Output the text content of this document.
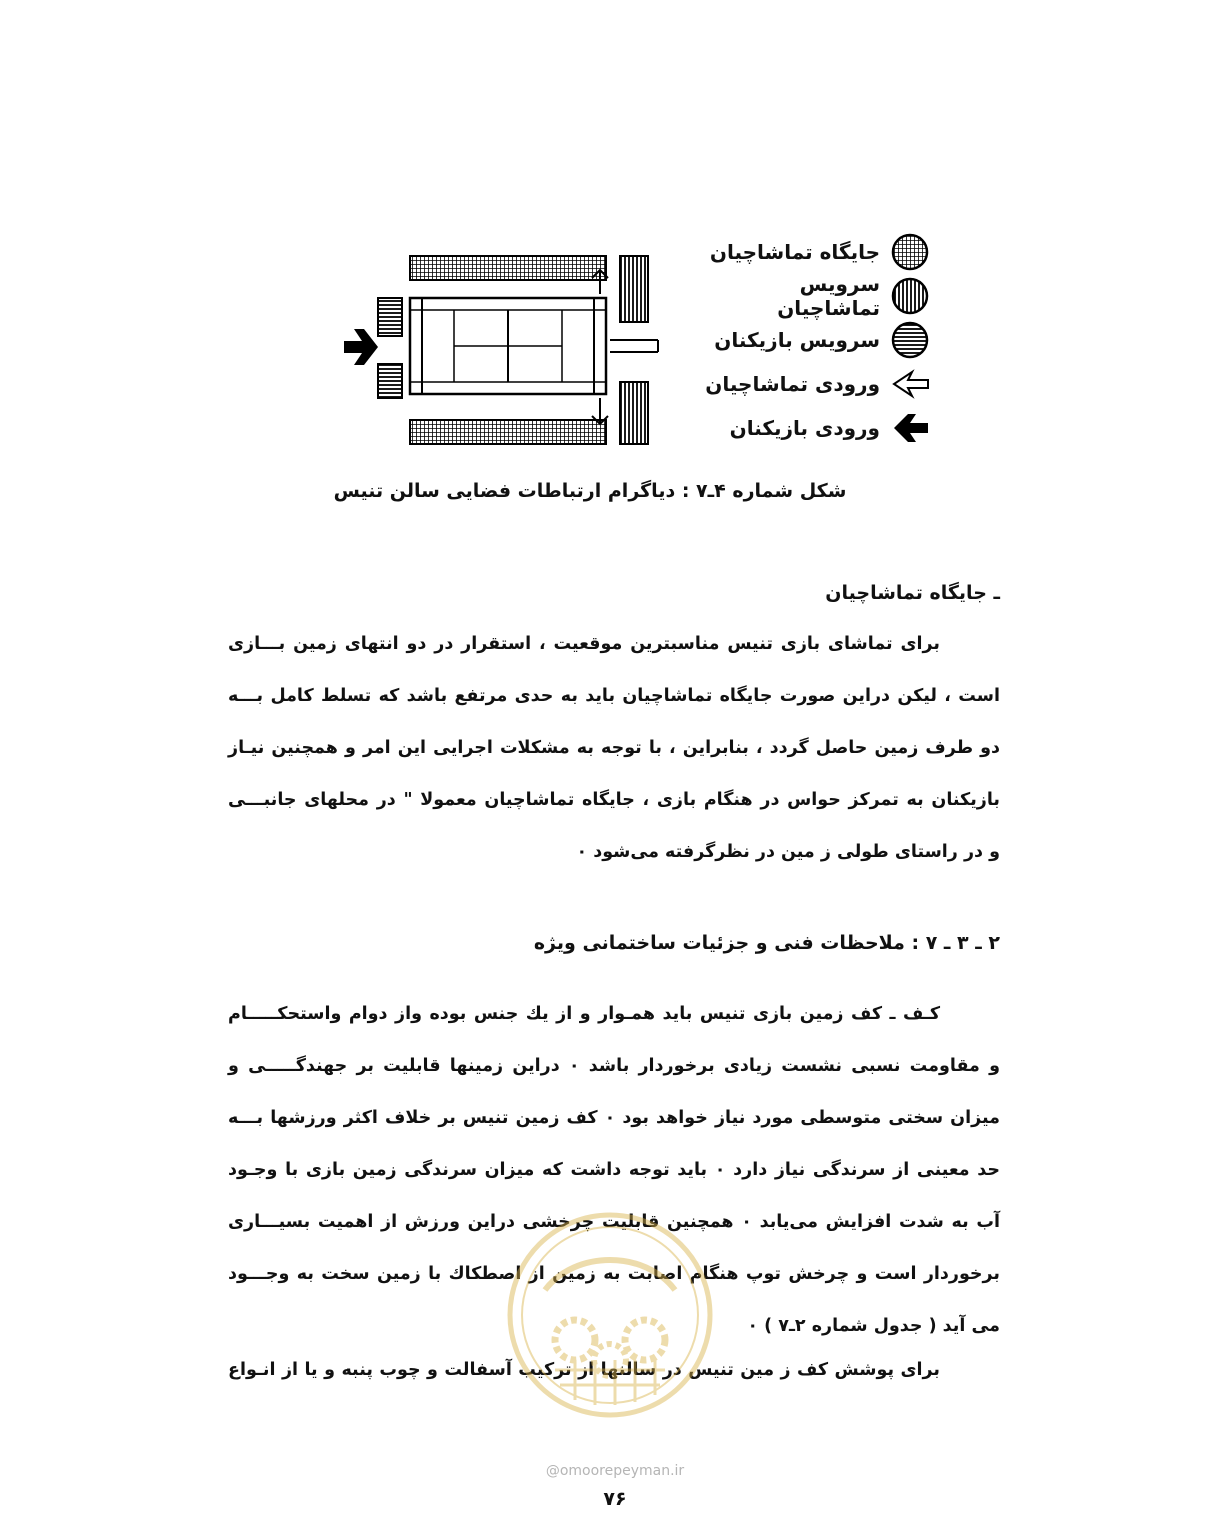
جایگاه تماشاچیان
سرویس تماشاچیان
سرویس بازیکنان
ورودی تماشاچیان
ورودی بازیکنان
شکل شماره ۴ـ۷ : دیاگرام ارتباطات فضایی سالن تنیس
ـ جایگاه تماشاچیان
برای تماشای بازی تنیس مناسبترین موقعیت ، استقرار در دو انتهای زمین بـــازی
است ، لیکن دراین صورت جایگاه تماشاچیان باید به حدی مرتفع باشد که تسلط کامل بـــه
دو طرف زمین حاصل گردد ، بنابراین ، با توجه به مشکلات اجرایی این امر و همچنین نیـاز
بازیکنان به تمرکز حواس در هنگام بازی ، جایگاه تماشاچیان معمولا " در محلهای جانبـــی
و در راستای طولی ز مین در نظرگرفته می‌شود ۰
۲ ـ ۳ ـ ۷ : ملاحظات فنی و جزئیات ساختمانی ویژه
کـف ـ کف زمین بازی تنیس باید همـوار و از یك جنس بوده واز دوام واستحکـــــام
و مقاومت نسبی نشست زیادی برخوردار باشد ۰ دراین زمینها قابلیت بر جهندگـــــی و
میزان سختی متوسطی مورد نیاز خواهد بود ۰ کف زمین تنیس بر خلاف اکثر ورزشها بـــه
حد معینی از سرندگی نیاز دارد ۰ باید توجه داشت که میزان سرندگی زمین بازی با وجـود
آب به شدت افزایش می‌یابد ۰ همچنین قابلیت چرخشی دراین ورزش از اهمیت بسیـــاری
برخوردار است و چرخش توپ هنگام اصابت به زمین از اصطکاك با زمین سخت به وجـــود
می آید ( جدول شماره ۲ـ۷ ) ۰
برای پوشش کف ز مین تنیس در سالنها از ترکیب آسفالت و چوب پنبه و یا از انـواع
@omoorepeyman.ir
۷۶
